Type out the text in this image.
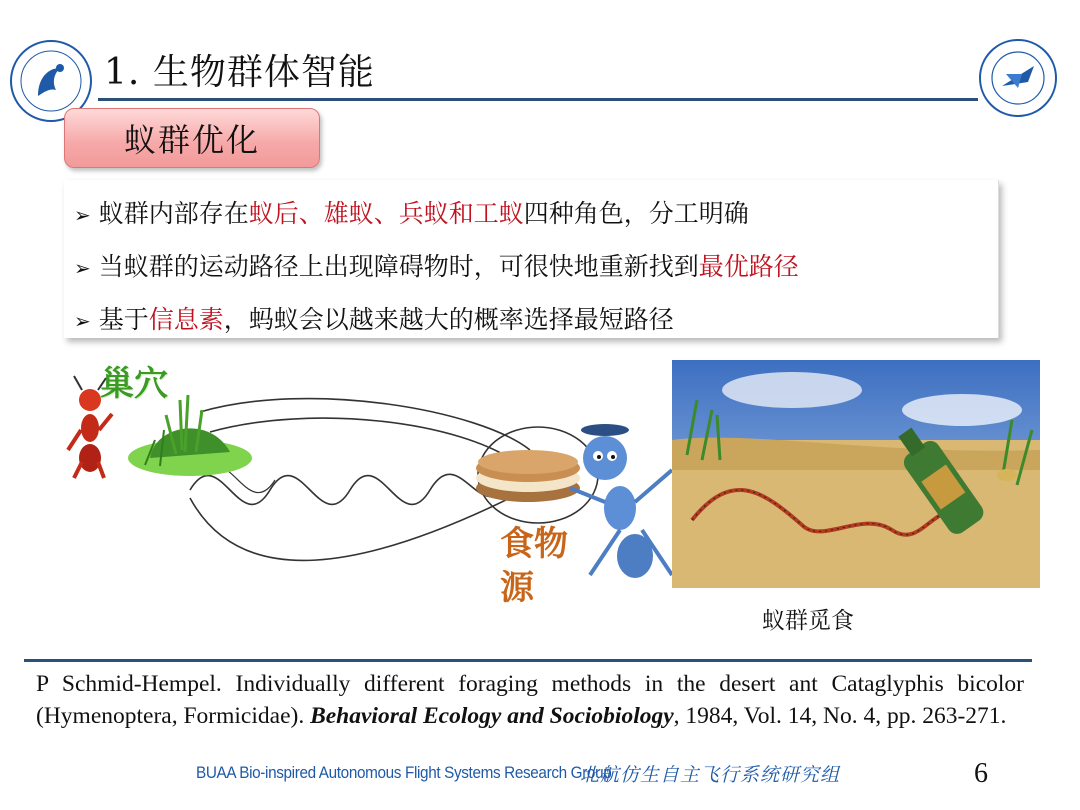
1. 生物群体智能
蚁群优化
➢ 蚁群内部存在蚁后、雄蚁、兵蚁和工蚁四种角色，分工明确
➢ 当蚁群的运动路径上出现障碍物时，可很快地重新找到最优路径
➢ 基于信息素，蚂蚁会以越来越大的概率选择最短路径
巢穴
食物源
蚁群觅食
P Schmid-Hempel. Individually different foraging methods in the desert ant Cataglyphis bicolor (Hymenoptera, Formicidae). Behavioral Ecology and Sociobiology, 1984, Vol. 14, No. 4, pp. 263-271.
BUAA Bio-inspired Autonomous Flight Systems Research Group
北航仿生自主飞行系统研究组	6
